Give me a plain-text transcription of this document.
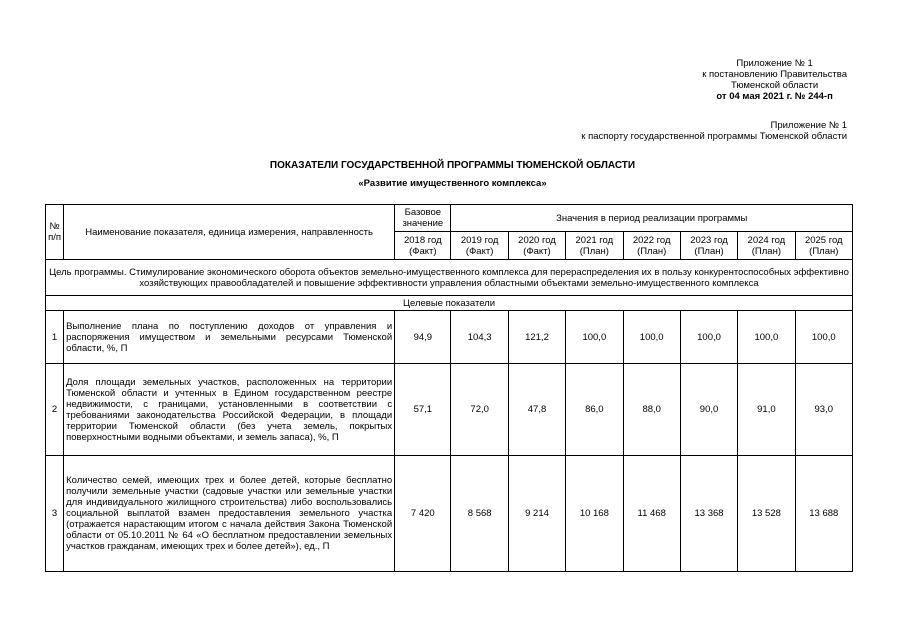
Приложение № 1
к постановлению Правительства
Тюменской области
от 04 мая 2021 г. № 244-п
Приложение № 1
к паспорту государственной программы Тюменской области
ПОКАЗАТЕЛИ ГОСУДАРСТВЕННОЙ ПРОГРАММЫ ТЮМЕНСКОЙ ОБЛАСТИ
«Развитие имущественного комплекса»
№ п/п	Наименование показателя, единица измерения, направленность	Базовое значение	Значения в период реализации программы						
		2018 год (Факт)	2019 год (Факт)	2020 год (Факт)	2021 год (План)	2022 год (План)	2023 год (План)	2024 год (План)	2025 год (План)
Цель программы. Стимулирование экономического оборота объектов земельно-имущественного комплекса для перераспределения их в пользу конкурентоспособных эффективно хозяйствующих правообладателей и повышение эффективности управления областными объектами земельно-имущественного комплекса									
Целевые показатели									
1	Выполнение плана по поступлению доходов от управления и распоряжения имуществом и земельными ресурсами Тюменской области, %, П	94,9	104,3	121,2	100,0	100,0	100,0	100,0	100,0
2	Доля площади земельных участков, расположенных на территории Тюменской области и учтенных в Едином государственном реестре недвижимости, с границами, установленными в соответствии с требованиями законодательства Российской Федерации, в площади территории Тюменской области (без учета земель, покрытых поверхностными водными объектами, и земель запаса), %, П	57,1	72,0	47,8	86,0	88,0	90,0	91,0	93,0
3	Количество семей, имеющих трех и более детей, которые бесплатно получили земельные участки (садовые участки или земельные участки для индивидуального жилищного строительства) либо воспользовались социальной выплатой взамен предоставления земельного участка (отражается нарастающим итогом с начала действия Закона Тюменской области от 05.10.2011 № 64 «О бесплатном предоставлении земельных участков гражданам, имеющих трех и более детей»), ед., П	7 420	8 568	9 214	10 168	11 468	13 368	13 528	13 688
